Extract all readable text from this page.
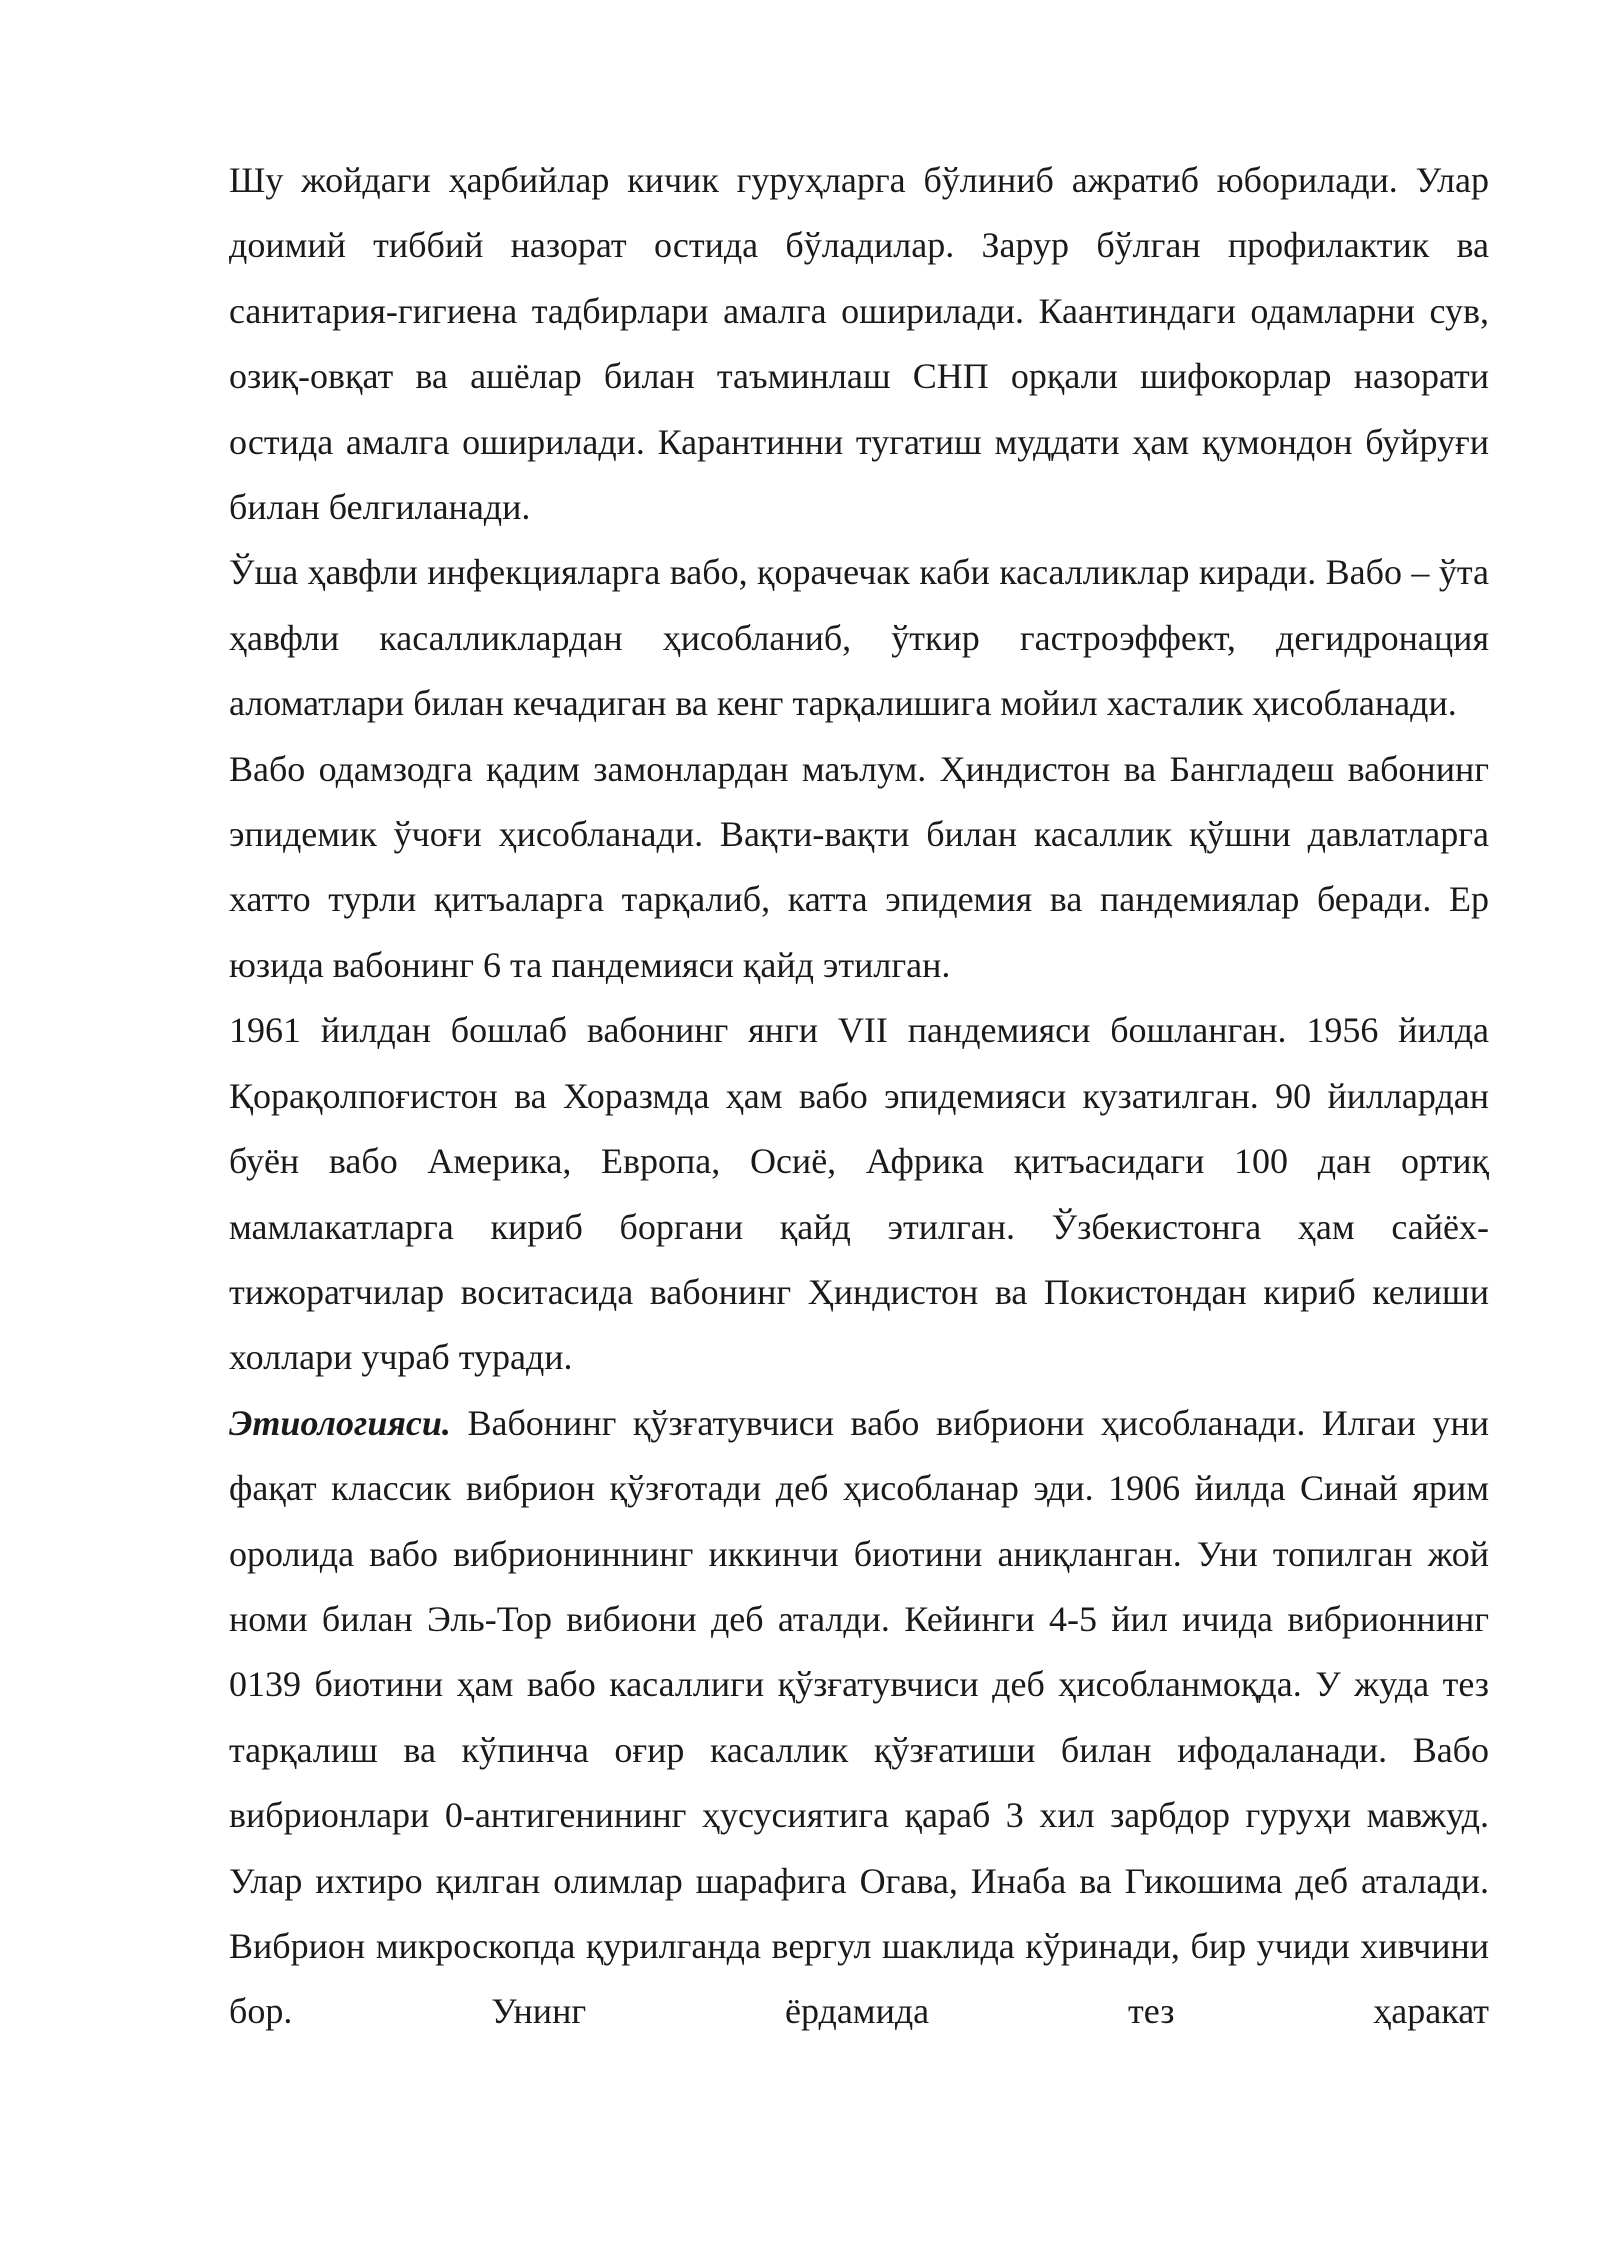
Шу жойдаги ҳарбийлар кичик гуруҳларга бўлиниб ажратиб юборилади. Улар доимий тиббий назорат остида бўладилар. Зарур бўлган профилактик ва санитария-гигиена тадбирлари амалга оширилади. Каантиндаги одамларни сув, озиқ-овқат ва ашёлар билан таъминлаш СНП орқали шифокорлар назорати остида амалга оширилади. Карантинни тугатиш муддати ҳам қумондон буйруғи билан белгиланади.

Ўша ҳавфли инфекцияларга вабо, қорачечак каби касалликлар киради. Вабо – ўта ҳавфли касалликлардан ҳисобланиб, ўткир гастроэффект, дегидронация аломатлари билан кечадиган ва кенг тарқалишига мойил хасталик ҳисобланади.

Вабо одамзодга қадим замонлардан маълум. Ҳиндистон ва Бангладеш вабонинг эпидемик ўчоғи ҳисобланади. Вақти-вақти билан касаллик қўшни давлатларга хатто турли қитъаларга тарқалиб, катта эпидемия ва пандемиялар беради. Ер юзида вабонинг 6 та пандемияси қайд этилган.

1961 йилдан бошлаб вабонинг янги VII пандемияси бошланган. 1956 йилда Қорақолпоғистон ва Хоразмда ҳам вабо эпидемияси кузатилган. 90 йиллардан буён вабо Америка, Европа, Осиё, Африка қитъасидаги 100 дан ортиқ мамлакатларга кириб боргани қайд этилган. Ўзбекистонга ҳам сайёх-тижоратчилар воситасида вабонинг Ҳиндистон ва Покистондан кириб келиши холлари учраб туради.

Этиологияси. Вабонинг қўзғатувчиси вабо вибриони ҳисобланади. Илгаи уни фақат классик вибрион қўзғотади деб ҳисобланар эди. 1906 йилда Синай ярим оролида вабо вибриониннинг иккинчи биотини аниқланган. Уни топилган жой номи билан Эль-Тор вибиони деб аталди. Кейинги 4-5 йил ичида вибрионнинг 0139 биотини ҳам вабо касаллиги қўзғатувчиси деб ҳисобланмоқда. У жуда тез тарқалиш ва кўпинча оғир касаллик қўзғатиши билан ифодаланади. Вабо вибрионлари 0-антигенининг ҳусусиятига қараб 3 хил зарбдор гуруҳи мавжуд. Улар ихтиро қилган олимлар шарафига Огава, Инаба ва Гикошима деб аталади. Вибрион микроскопда қурилганда вергул шаклида кўринади, бир учиди хивчини бор. Унинг ёрдамида тез ҳаракат
